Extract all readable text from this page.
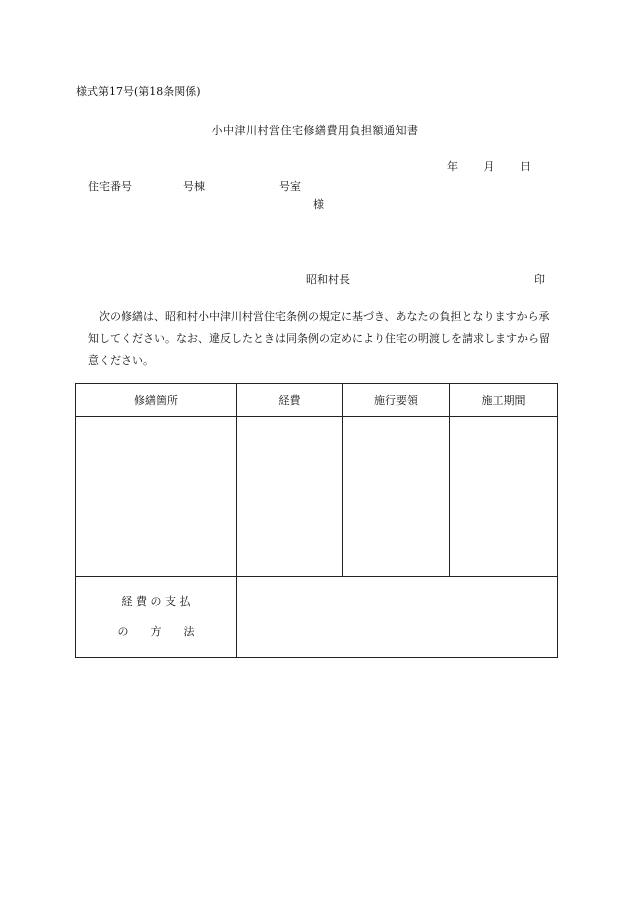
様式第17号(第18条関係)
小中津川村営住宅修繕費用負担額通知書
年 月 日
住宅番号	号棟	号室
様
昭和村長	印
　次の修繕は、昭和村小中津川村営住宅条例の規定に基づき、あなたの負担となりますから承知してください。なお、違反したときは同条例の定めにより住宅の明渡しを請求しますから留意ください。
修繕箇所	経費	施行要領	施工期間

経 費 の 支 払
の　　方　　法			
